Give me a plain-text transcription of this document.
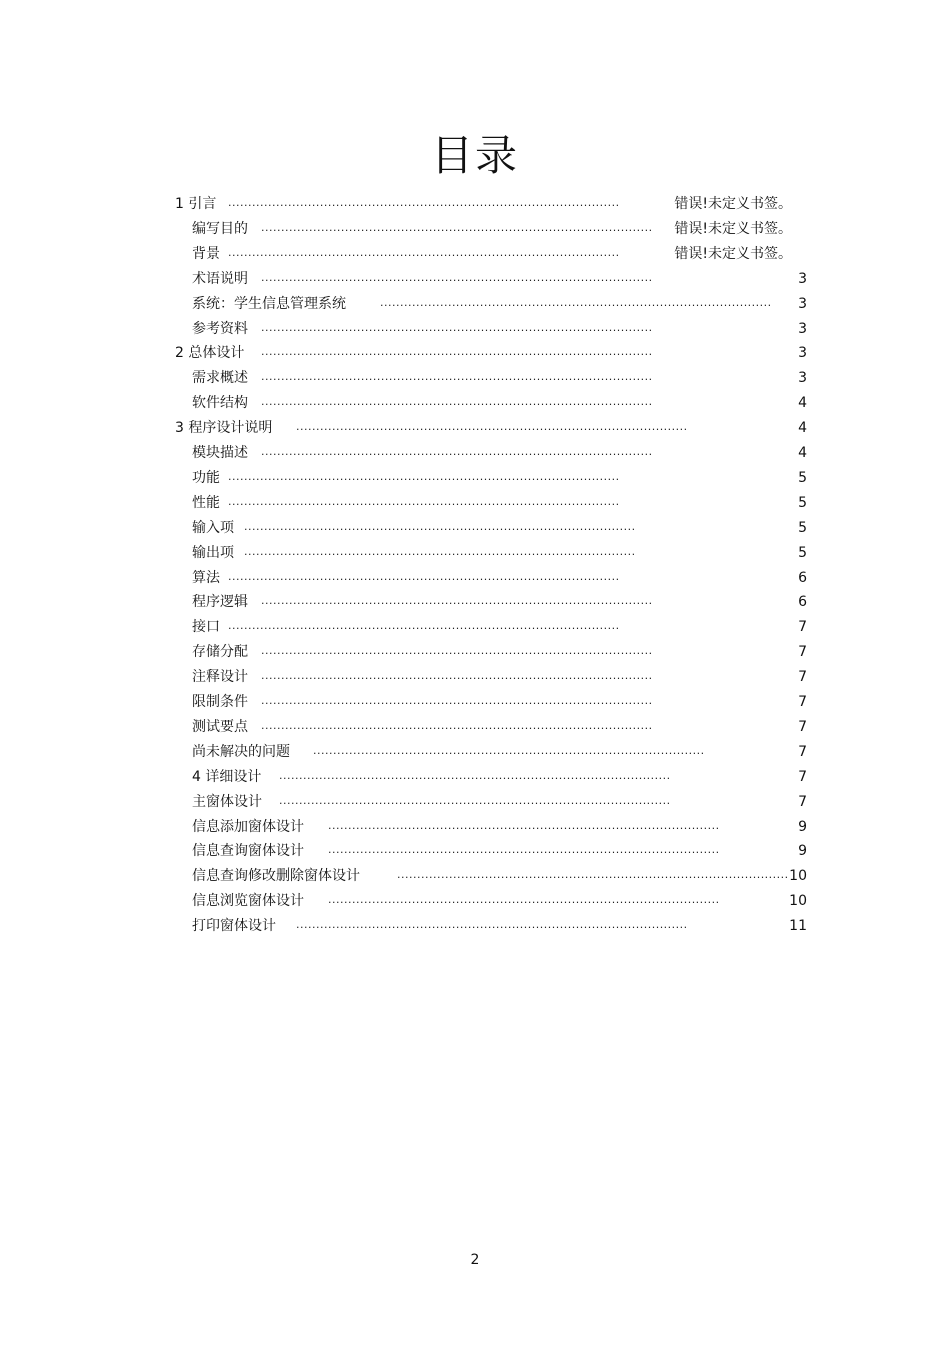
目录
1 引言 ..................................................................................................	错误!未定义书签。
编写目的 .................................................................................................. 错误!未定义书签。
背景 ..................................................................................................	错误!未定义书签。
术语说明 ..................................................................................................	3
系统：学生信息管理系统	.................................................................................................. 3
参考资料 ..................................................................................................	3
2 总体设计 ..................................................................................................	3
需求概述 ..................................................................................................	3
软件结构 ..................................................................................................	4
3 程序设计说明 ..................................................................................................	4
模块描述 ..................................................................................................	4
功能 ..................................................................................................	5
性能 ..................................................................................................	5
输入项 ..................................................................................................	5
输出项 ..................................................................................................	5
算法 ..................................................................................................	6
程序逻辑 ..................................................................................................	6
接口 ..................................................................................................	7
存储分配 ..................................................................................................	7
注释设计 ..................................................................................................	7
限制条件 ..................................................................................................	7
测试要点 ..................................................................................................	7
尚未解决的问题 ..................................................................................................	7
4 详细设计 ..................................................................................................	7
主窗体设计 ..................................................................................................	7
信息添加窗体设计 ..................................................................................................	9
信息查询窗体设计 ..................................................................................................	9
信息查询修改删除窗体设计	.................................................................................................. 10
信息浏览窗体设计 ..................................................................................................	10
打印窗体设计 ..................................................................................................	11
2
